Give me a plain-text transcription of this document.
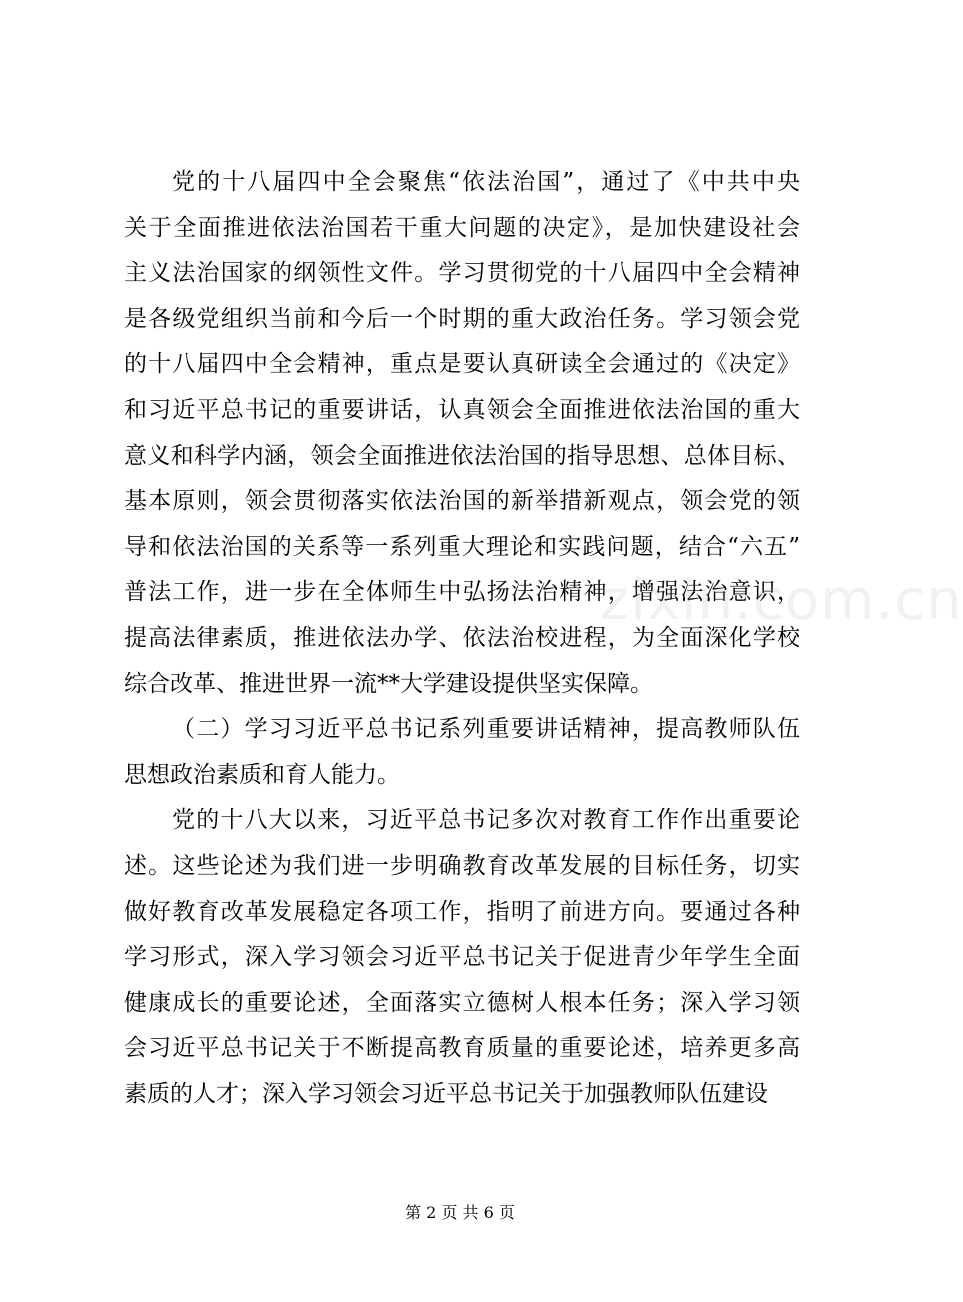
党的十八届四中全会聚焦“依法治国”，通过了《中共中央
关于全面推进依法治国若干重大问题的决定》，是加快建设社会
主义法治国家的纲领性文件。学习贯彻党的十八届四中全会精神
是各级党组织当前和今后一个时期的重大政治任务。学习领会党
的十八届四中全会精神，重点是要认真研读全会通过的《决定》
和习近平总书记的重要讲话，认真领会全面推进依法治国的重大
意义和科学内涵，领会全面推进依法治国的指导思想、总体目标、
基本原则，领会贯彻落实依法治国的新举措新观点，领会党的领
导和依法治国的关系等一系列重大理论和实践问题，结合“六五”
普法工作，进一步在全体师生中弘扬法治精神，增强法治意识，
提高法律素质，推进依法办学、依法治校进程，为全面深化学校
综合改革、推进世界一流**大学建设提供坚实保障。
（二）学习习近平总书记系列重要讲话精神，提高教师队伍
思想政治素质和育人能力。
党的十八大以来，习近平总书记多次对教育工作作出重要论
述。这些论述为我们进一步明确教育改革发展的目标任务，切实
做好教育改革发展稳定各项工作，指明了前进方向。要通过各种
学习形式，深入学习领会习近平总书记关于促进青少年学生全面
健康成长的重要论述，全面落实立德树人根本任务；深入学习领
会习近平总书记关于不断提高教育质量的重要论述，培养更多高
素质的人才；深入学习领会习近平总书记关于加强教师队伍建设
zixin.com.cn
第 2 页 共 6 页
